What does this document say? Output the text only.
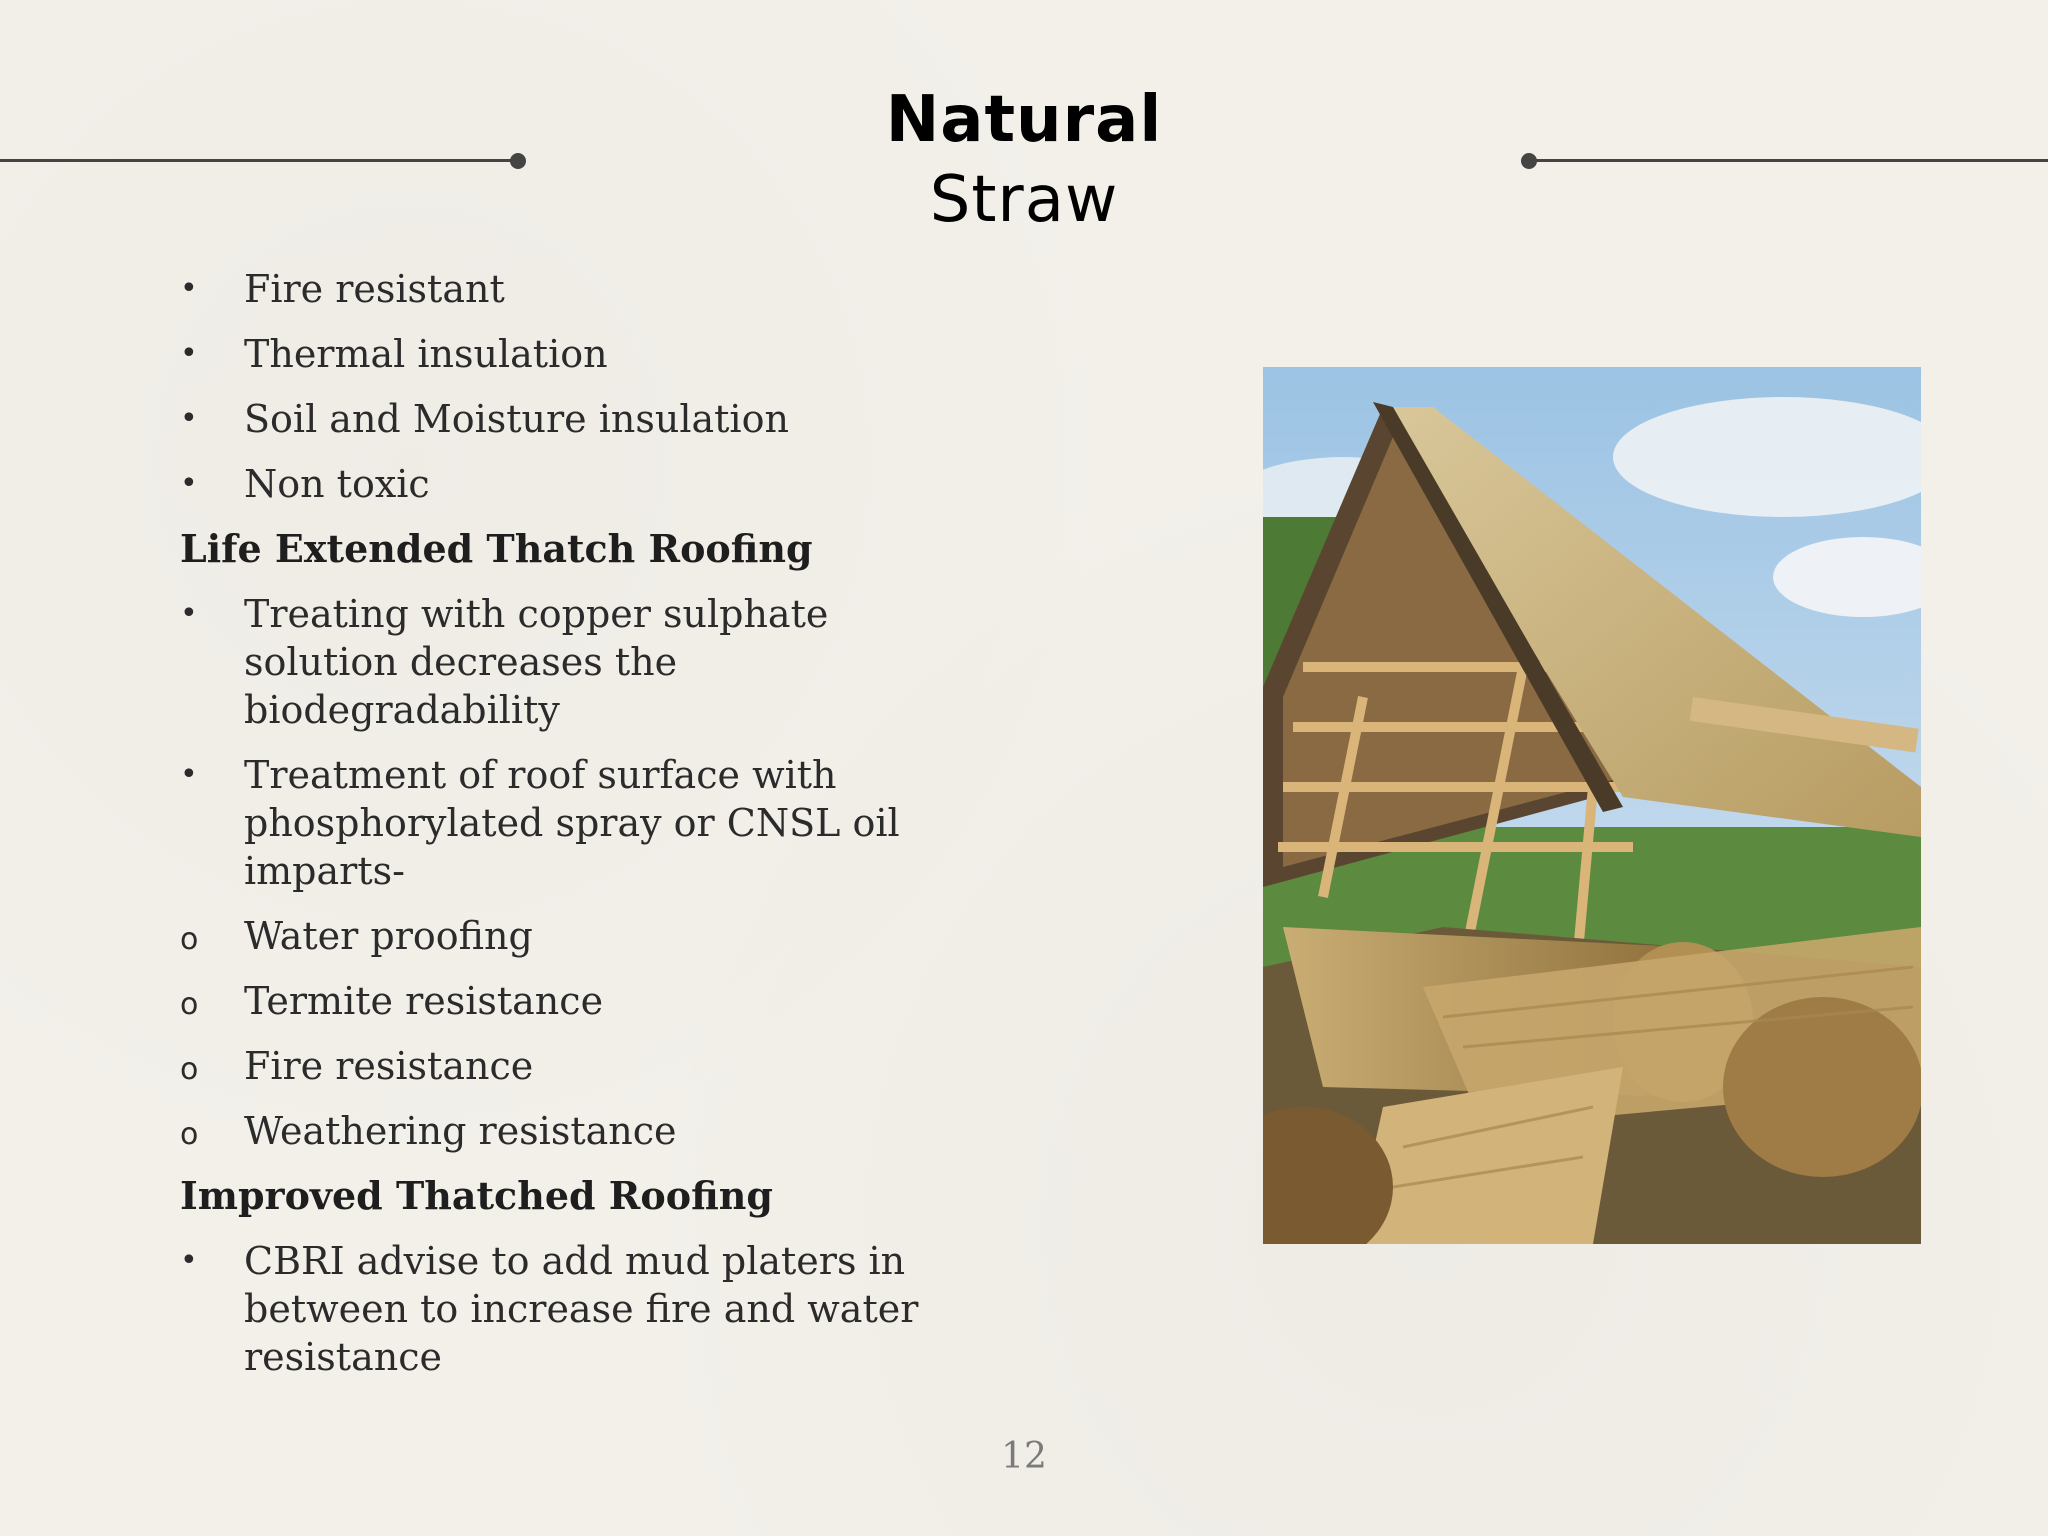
Natural
Straw
•	Fire resistant
•	Thermal insulation
•	Soil and Moisture insulation
•	Non toxic
Life Extended Thatch Roofing
•	Treating with copper sulphate solution decreases the biodegradability
•	Treatment of roof surface with phosphorylated spray or CNSL oil imparts-
o	Water proofing
o	Termite resistance
o	Fire resistance
o	Weathering resistance
Improved Thatched Roofing
•	CBRI advise to add mud platers in between to increase fire and water resistance
12
